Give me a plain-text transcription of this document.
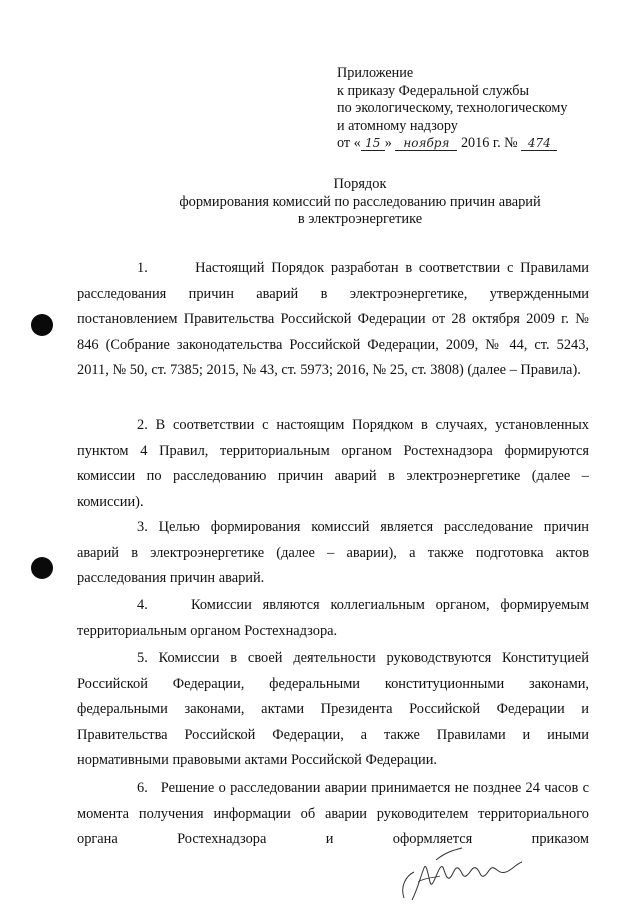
Приложение
к приказу Федеральной службы
по экологическому, технологическому
и атомному надзору
от « 15 » ноября 2016 г. № 474
Порядок
формирования комиссий по расследованию причин аварий
в электроэнергетике

1.	Настоящий Порядок разработан в соответствии с Правилами расследования причин аварий в электроэнергетике, утвержденными постановлением Правительства Российской Федерации от 28 октября 2009 г. № 846 (Собрание законодательства Российской Федерации, 2009, № 44, ст. 5243, 2011, № 50, ст. 7385; 2015, № 43, ст. 5973; 2016, № 25, ст. 3808) (далее – Правила).

2. В соответствии с настоящим Порядком в случаях, установленных пунктом 4 Правил, территориальным органом Ростехнадзора формируются комиссии по расследованию причин аварий в электроэнергетике (далее – комиссии).

3. Целью формирования комиссий является расследование причин аварий в электроэнергетике (далее – аварии), а также подготовка актов расследования причин аварий.

4.	Комиссии являются коллегиальным органом, формируемым территориальным органом Ростехнадзора.

5. Комиссии в своей деятельности руководствуются Конституцией Российской Федерации, федеральными конституционными законами, федеральными законами, актами Президента Российской Федерации и Правительства Российской Федерации, а также Правилами и иными нормативными правовыми актами Российской Федерации.

6. Решение о расследовании аварии принимается не позднее 24 часов с момента получения информации об аварии руководителем территориального органа Ростехнадзора и оформляется приказом
